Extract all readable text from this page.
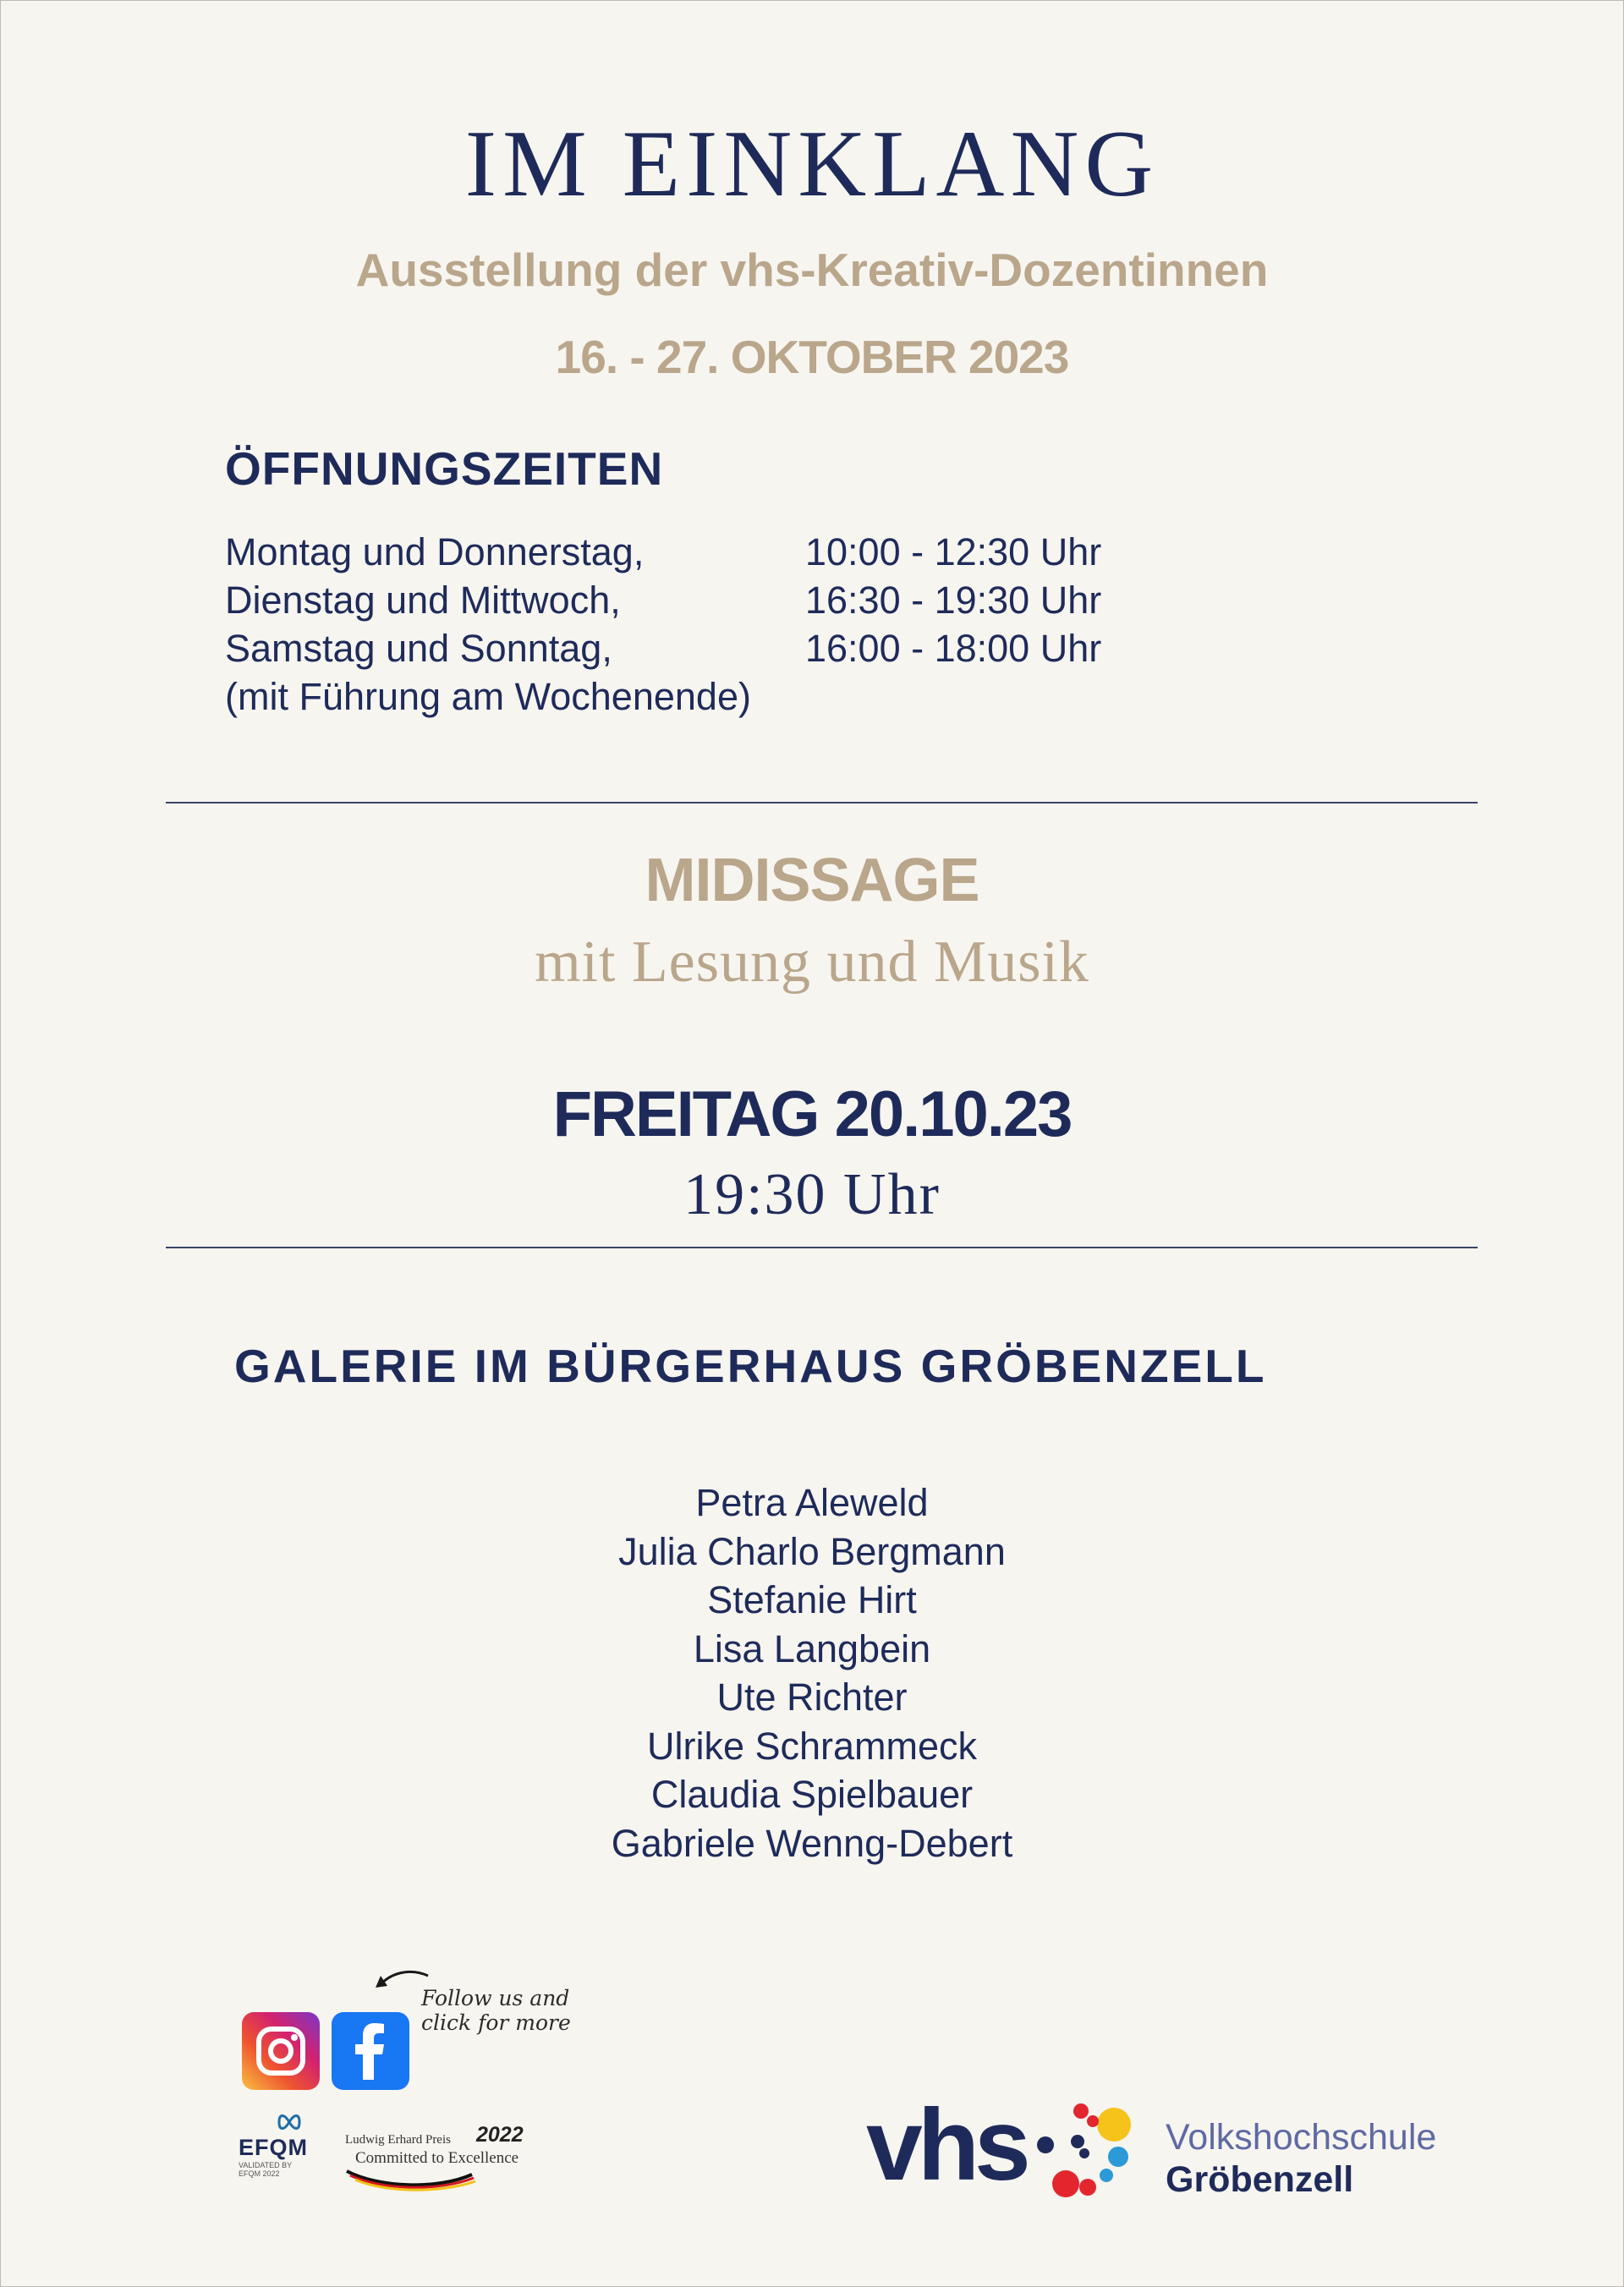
IM EINKLANG
Ausstellung der vhs-Kreativ-Dozentinnen
16. - 27. OKTOBER 2023
ÖFFNUNGSZEITEN
Montag und Donnerstag,	10:00 - 12:30 Uhr
Dienstag und Mittwoch,	16:30 - 19:30 Uhr
Samstag und Sonntag,	16:00 - 18:00 Uhr
(mit Führung am Wochenende)
MIDISSAGE
mit Lesung und Musik
FREITAG 20.10.23
19:30 Uhr
GALERIE IM BÜRGERHAUS GRÖBENZELL
Petra Aleweld
Julia Charlo Bergmann
Stefanie Hirt
Lisa Langbein
Ute Richter
Ulrike Schrammeck
Claudia Spielbauer
Gabriele Wenng-Debert
Follow us and
click for more
EFQM
VALIDATED BY
EFQM 2022
Ludwig Erhard Preis 2022
Committed to Excellence	vhs	Volkshochschule
Gröbenzell
